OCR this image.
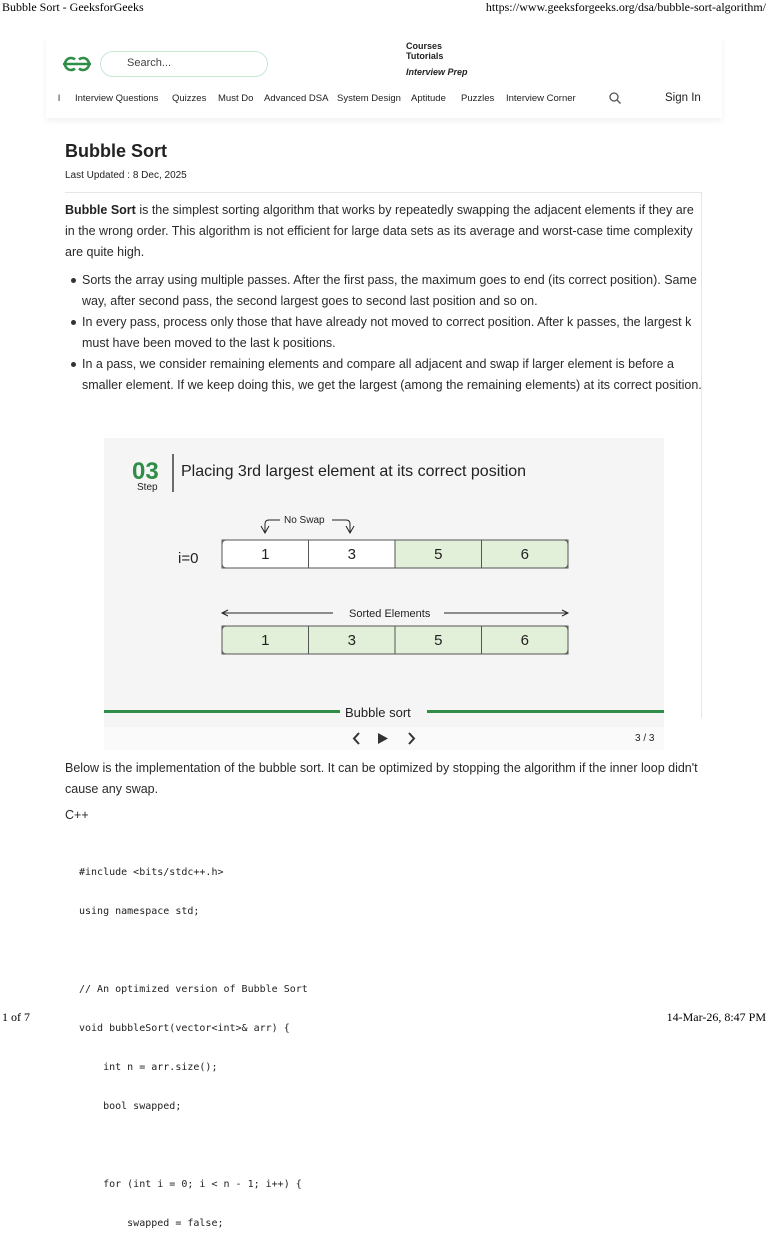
Bubble Sort - GeeksforGeeks	https://www.geeksforgeeks.org/dsa/bubble-sort-algorithm/
Search...
Courses
Tutorials
Interview Prep
l Interview Questions Quizzes Must Do Advanced DSA System Design Aptitude Puzzles Interview Corner	Sign In
Bubble Sort
Last Updated : 8 Dec, 2025

Bubble Sort is the simplest sorting algorithm that works by repeatedly swapping the adjacent elements if they are in the wrong order. This algorithm is not efficient for large data sets as its average and worst-case time complexity are quite high.

Sorts the array using multiple passes. After the first pass, the maximum goes to end (its correct position). Same way, after second pass, the second largest goes to second last position and so on.
In every pass, process only those that have already not moved to correct position. After k passes, the largest k must have been moved to the last k positions.
In a pass, we consider remaining elements and compare all adjacent and swap if larger element is before a smaller element. If we keep doing this, we get the largest (among the remaining elements) at its correct position.
03
Step
Placing 3rd largest element at its correct position
No Swap
i=0	1	3	5	6
Sorted Elements
1	3	5	6
Bubble sort
3 / 3

Below is the implementation of the bubble sort. It can be optimized by stopping the algorithm if the inner loop didn't cause any swap.

C++

#include <bits/stdc++.h>

using namespace std;

// An optimized version of Bubble Sort

void bubbleSort(vector<int>& arr) {

int n = arr.size();

bool swapped;

for (int i = 0; i < n - 1; i++) {

swapped = false;

1 of 7	14-Mar-26, 8:47 PM
